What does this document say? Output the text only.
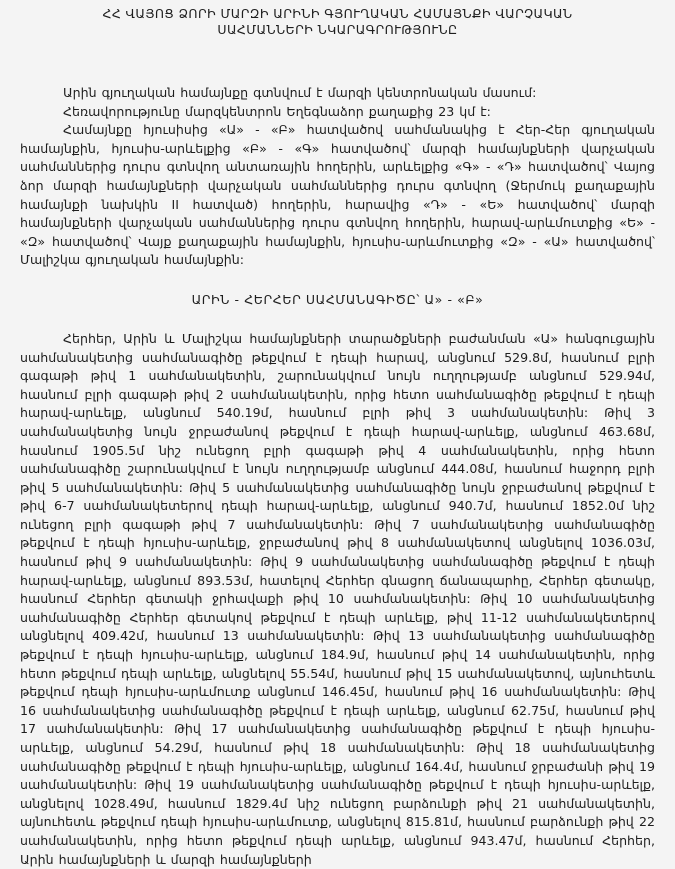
ՀՀ ՎԱՅՈՑ ՁՈՐԻ ՄԱՐԶԻ ԱՐԻՆԻ ԳՅՈՒՂԱԿԱՆ ՀԱՄԱՅՆՔԻ ՎԱՐՉԱԿԱՆ
ՍԱՀՄԱՆՆԵՐԻ ՆԿԱՐԱԳՐՈՒԹՅՈՒՆԸ

Արին գյուղական համայնքը գտնվում է մարզի կենտրոնական մասում:

Հեռավորությունը մարզկենտրոն Եղեգնաձոր քաղաքից 23 կմ է:

Համայնքը հյուսիսից «Ա» - «Բ» հատվածով սահմանակից է Հեր-Հեր գյուղական համայնքին, հյուսիս-արևելքից «Բ» - «Գ» հատվածով՝ մարզի համայնքների վարչական սահմաններից դուրս գտնվող անտառային հողերին, արևելքից «Գ» - «Դ» հատվածով՝ Վայոց ձոր մարզի համայնքների վարչական սահմաններից դուրս գտնվող (Ջերմուկ քաղաքային համայնքի նախկին II հատված) հողերին, հարավից «Դ» - «Ե» հատվածով՝ մարզի համայնքների վարչական սահմաններից դուրս գտնվող հողերին, հարավ-արևմուտքից «Ե» - «Զ» հատվածով՝ Վայք քաղաքային համայնքին, հյուսիս-արևմուտքից «Զ» - «Ա» հատվածով՝ Մալիշկա գյուղական համայնքին:

ԱՐԻՆ - ՀԵՐՀԵՐ ՍԱՀՄԱՆԱԳԻԾԸ՝ Ա» - «Բ»

Հերհեր, Արին և Մալիշկա համայնքների տարածքների բաժանման «Ա» հանգուցային սահմանակետից սահմանագիծը թեքվում է դեպի հարավ, անցնում 529.8մ, հասնում բլրի գագաթի թիվ 1 սահմանակետին, շարունակվում նույն ուղղությամբ անցնում 529.94մ, հասնում բլրի գագաթի թիվ 2 սահմանակետին, որից հետո սահմանագիծը թեքվում է դեպի հարավ-արևելք, անցնում 540.19մ, հասնում բլրի թիվ 3 սահմանակետին: Թիվ 3 սահմանակետից նույն ջրբաժանով թեքվում է դեպի հարավ-արևելք, անցնում 463.68մ, հասնում 1905.5մ նիշ ունեցող բլրի գագաթի թիվ 4 սահմանակետին, որից հետո սահմանագիծը շարունակվում է նույն ուղղությամբ անցնում 444.08մ, հասնում հաջորդ բլրի թիվ 5 սահմանակետին: Թիվ 5 սահմանակետից սահմանագիծը նույն ջրբաժանով թեքվում է թիվ 6-7 սահմանակետերով դեպի հարավ-արևելք, անցնում 940.7մ, հասնում 1852.0մ նիշ ունեցող բլրի գագաթի թիվ 7 սահմանակետին: Թիվ 7 սահմանակետից սահմանագիծը թեքվում է դեպի հյուսիս-արևելք, ջրբաժանով թիվ 8 սահմանակետով անցնելով 1036.03մ, հասնում թիվ 9 սահմանակետին: Թիվ 9 սահմանակետից սահմանագիծը թեքվում է դեպի հարավ-արևելք, անցնում 893.53մ, հատելով Հերհեր գնացող ճանապարհը, Հերհեր գետակը, հասնում Հերհեր գետակի ջրհավաքի թիվ 10 սահմանակետին: Թիվ 10 սահմանակետից սահմանագիծը Հերհեր գետակով թեքվում է դեպի արևելք, թիվ 11-12 սահմանակետերով անցնելով 409.42մ, հասնում 13 սահմանակետին: Թիվ 13 սահմանակետից սահմանագիծը թեքվում է դեպի հյուսիս-արևելք, անցնում 184.9մ, հասնում թիվ 14 սահմանակետին, որից հետո թեքվում դեպի արևելք, անցնելով 55.54մ, հասնում թիվ 15 սահմանակետով, այնուհետև թեքվում դեպի հյուսիս-արևմուտք անցնում 146.45մ, հասնում թիվ 16 սահմանակետին: Թիվ 16 սահմանակետից սահմանագիծը թեքվում է դեպի արևելք, անցնում 62.75մ, հասնում թիվ 17 սահմանակետին: Թիվ 17 սահմանակետից սահմանագիծը թեքվում է դեպի հյուսիս-արևելք, անցնում 54.29մ, հասնում թիվ 18 սահմանակետին: Թիվ 18 սահմանակետից սահմանագիծը թեքվում է դեպի հյուսիս-արևելք, անցնում 164.4մ, հասնում ջրբաժանի թիվ 19 սահմանակետին: Թիվ 19 սահմանակետից սահմանագիծը թեքվում է դեպի հյուսիս-արևելք, անցնելով 1028.49մ, հասնում 1829.4մ նիշ ունեցող բարձունքի թիվ 21 սահմանակետին, այնուհետև թեքվում դեպի հյուսիս-արևմուտք, անցնելով 815.81մ, հասնում բարձունքի թիվ 22 սահմանակետին, որից հետո թեքվում դեպի արևելք, անցնում 943.47մ, հասնում Հերհեր, Արին համայնքների և մարզի համայնքների
